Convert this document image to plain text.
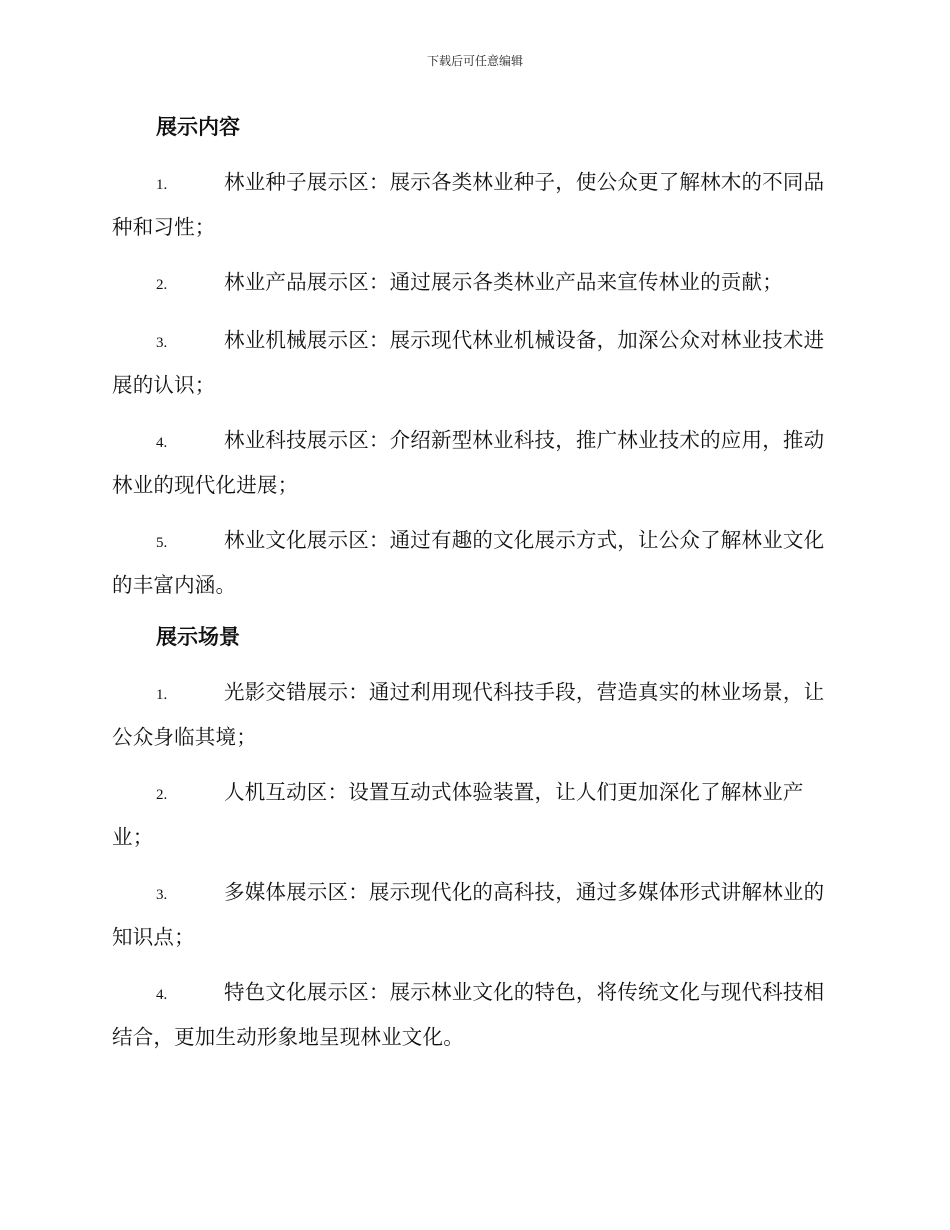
下载后可任意编辑
展示内容
1.	林业种子展示区：展示各类林业种子，使公众更了解林木的不同品种和习性；
2.	林业产品展示区：通过展示各类林业产品来宣传林业的贡献；
3.	林业机械展示区：展示现代林业机械设备，加深公众对林业技术进展的认识；
4.	林业科技展示区：介绍新型林业科技，推广林业技术的应用，推动林业的现代化进展；
5.	林业文化展示区：通过有趣的文化展示方式，让公众了解林业文化的丰富内涵。
展示场景
1.	光影交错展示：通过利用现代科技手段，营造真实的林业场景，让公众身临其境；
2.	人机互动区：设置互动式体验装置，让人们更加深化了解林业产业；
3.	多媒体展示区：展示现代化的高科技，通过多媒体形式讲解林业的知识点；
4.	特色文化展示区：展示林业文化的特色，将传统文化与现代科技相结合，更加生动形象地呈现林业文化。
